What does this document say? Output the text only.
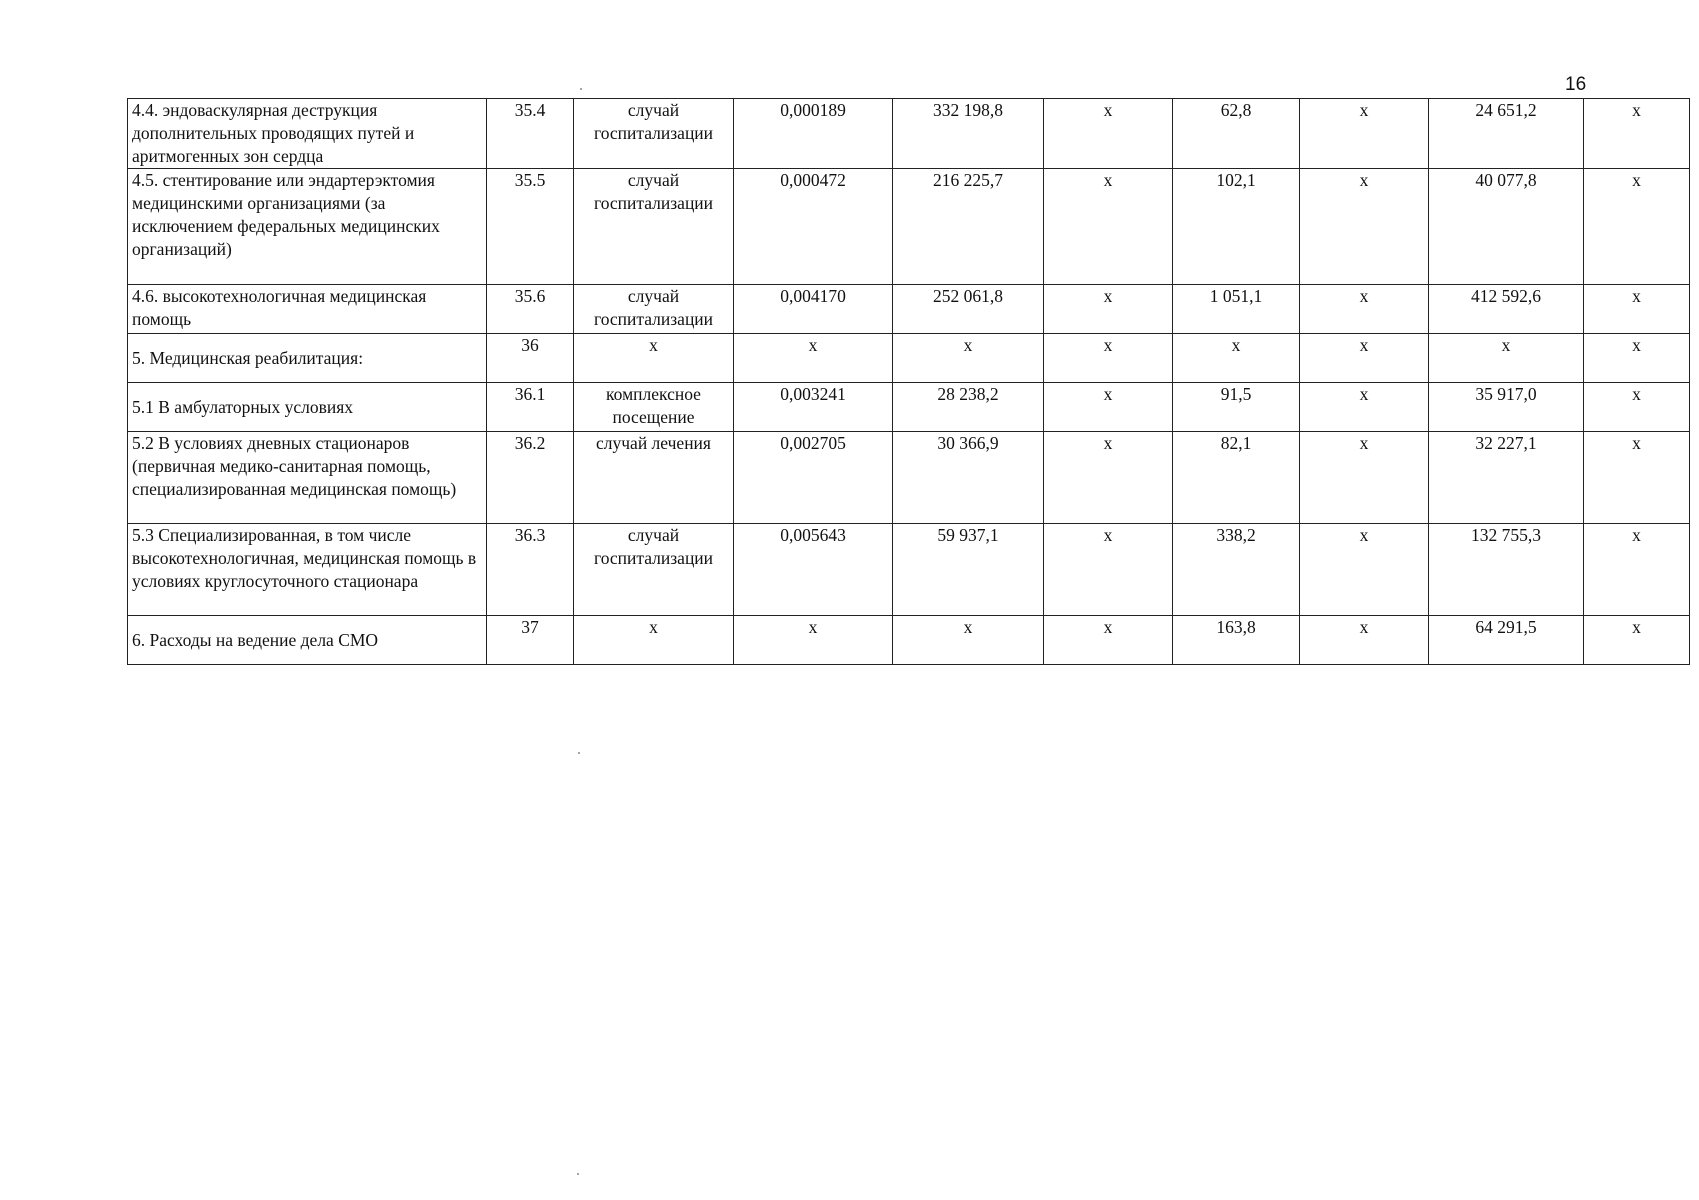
16
4.4. эндоваскулярная деструкция дополнительных проводящих путей и аритмогенных зон сердца	35.4	случай госпитализации	0,000189	332 198,8	х	62,8	х	24 651,2	х
4.5. стентирование или эндартерэктомия медицинскими организациями (за исключением федеральных медицинских организаций)	35.5	случай госпитализации	0,000472	216 225,7	х	102,1	х	40 077,8	х
4.6. высокотехнологичная медицинская помощь	35.6	случай госпитализации	0,004170	252 061,8	х	1 051,1	х	412 592,6	х
5. Медицинская реабилитация:	36	х	х	х	х	х	х	х	х
5.1 В амбулаторных условиях	36.1	комплексное посещение	0,003241	28 238,2	х	91,5	х	35 917,0	х
5.2 В условиях дневных стационаров (первичная медико-санитарная помощь, специализированная медицинская помощь)	36.2	случай лечения	0,002705	30 366,9	х	82,1	х	32 227,1	х
5.3 Специализированная, в том числе высокотехнологичная, медицинская помощь в условиях круглосуточного стационара	36.3	случай госпитализации	0,005643	59 937,1	х	338,2	х	132 755,3	х
6. Расходы на ведение дела СМО	37	х	х	х	х	163,8	х	64 291,5	х
